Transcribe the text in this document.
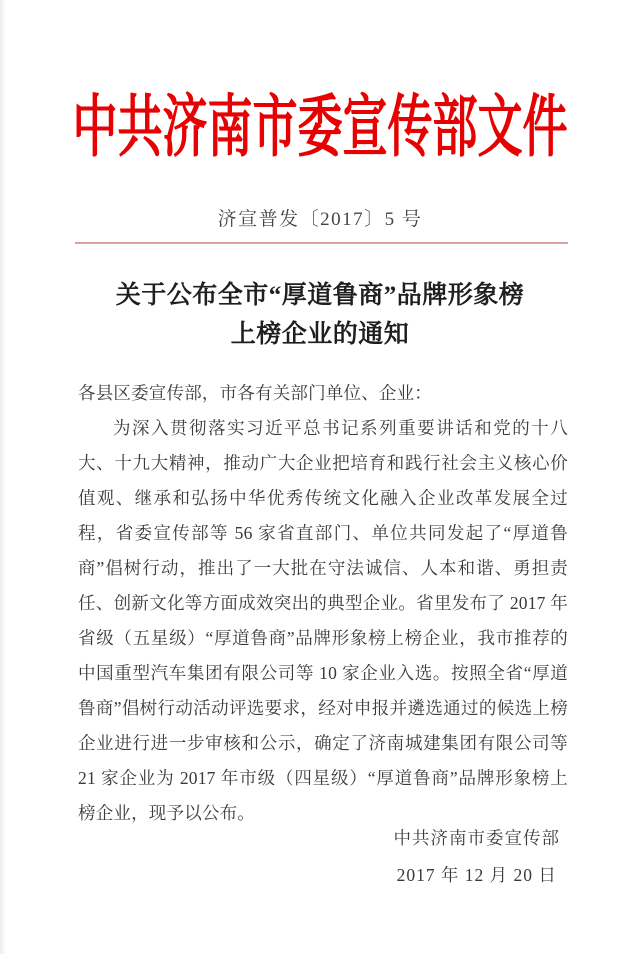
中共济南市委宣传部文件
济宣普发〔2017〕5 号
关于公布全市“厚道鲁商”品牌形象榜
上榜企业的通知
各县区委宣传部，市各有关部门单位、企业：
为深入贯彻落实习近平总书记系列重要讲话和党的十八大、十九大精神，推动广大企业把培育和践行社会主义核心价值观、继承和弘扬中华优秀传统文化融入企业改革发展全过程，省委宣传部等 56 家省直部门、单位共同发起了“厚道鲁商”倡树行动，推出了一大批在守法诚信、人本和谐、勇担责任、创新文化等方面成效突出的典型企业。省里发布了 2017 年省级（五星级）“厚道鲁商”品牌形象榜上榜企业，我市推荐的中国重型汽车集团有限公司等 10 家企业入选。按照全省“厚道鲁商”倡树行动活动评选要求，经对申报并遴选通过的候选上榜企业进行进一步审核和公示，确定了济南城建集团有限公司等 21 家企业为 2017 年市级（四星级）“厚道鲁商”品牌形象榜上榜企业，现予以公布。
中共济南市委宣传部
2017 年 12 月 20 日
